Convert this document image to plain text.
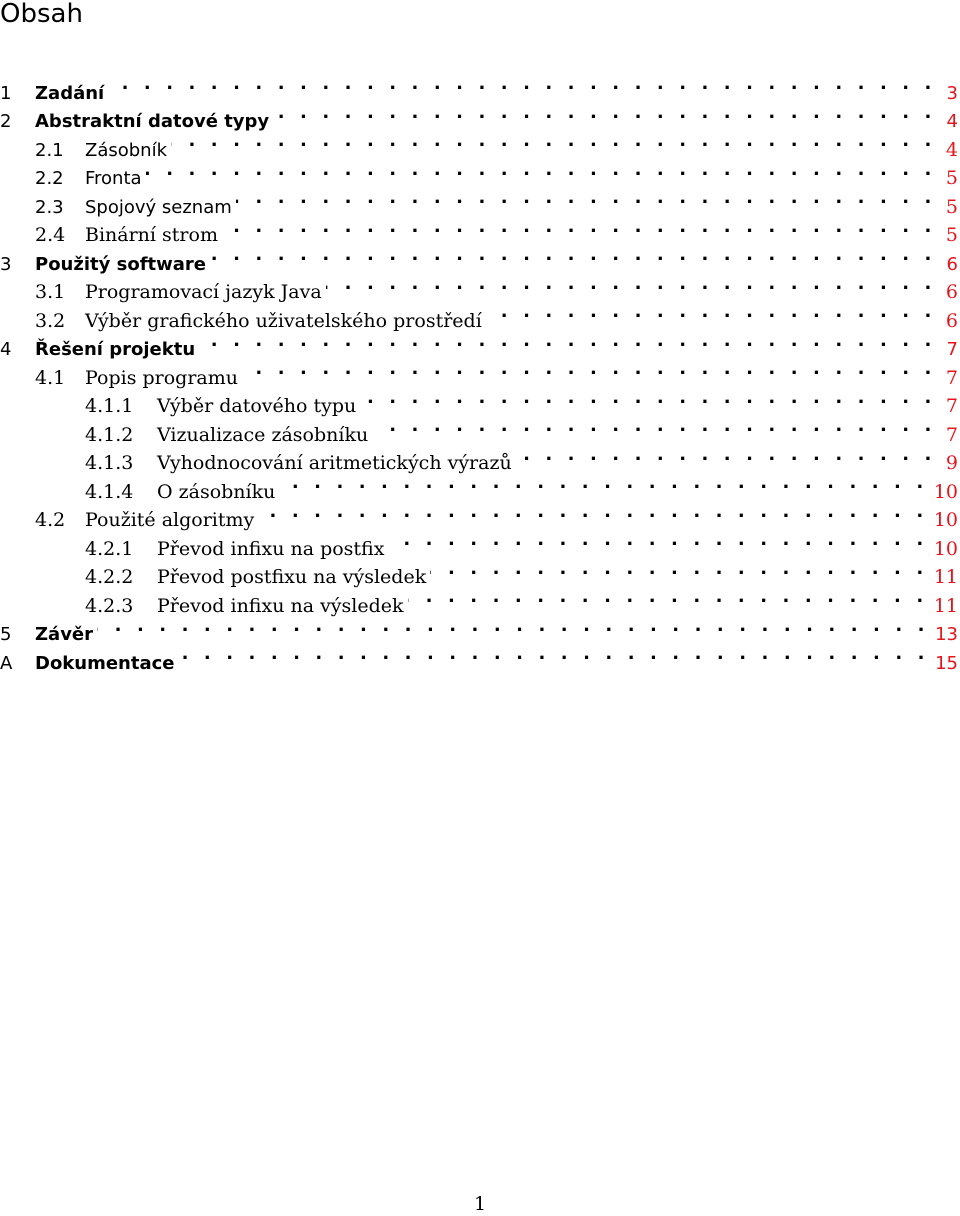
Obsah
1	Zadání . . .	3
2	Abstraktní datové typy . . .	4
2.1	Zásobník . . .	4
2.2	Fronta . . .	5
2.3	Spojový seznam . . .	5
2.4	Binární strom . . .	5
3	Použitý software . . .	6
3.1	Programovací jazyk Java . . .	6
3.2	Výběr grafického uživatelského prostředí . . .	6
4	Řešení projektu . . .	7
4.1	Popis programu . . .	7
4.1.1	Výběr datového typu . . .	7
4.1.2	Vizualizace zásobníku . . .	7
4.1.3	Vyhodnocování aritmetických výrazů . . .	9
4.1.4	O zásobníku . . .	10
4.2	Použité algoritmy . . .	10
4.2.1	Převod infixu na postfix . . .	10
4.2.2	Převod postfixu na výsledek . . .	11
4.2.3	Převod infixu na výsledek . . .	11
5	Závěr . . .	13
A	Dokumentace . . .	15
1
